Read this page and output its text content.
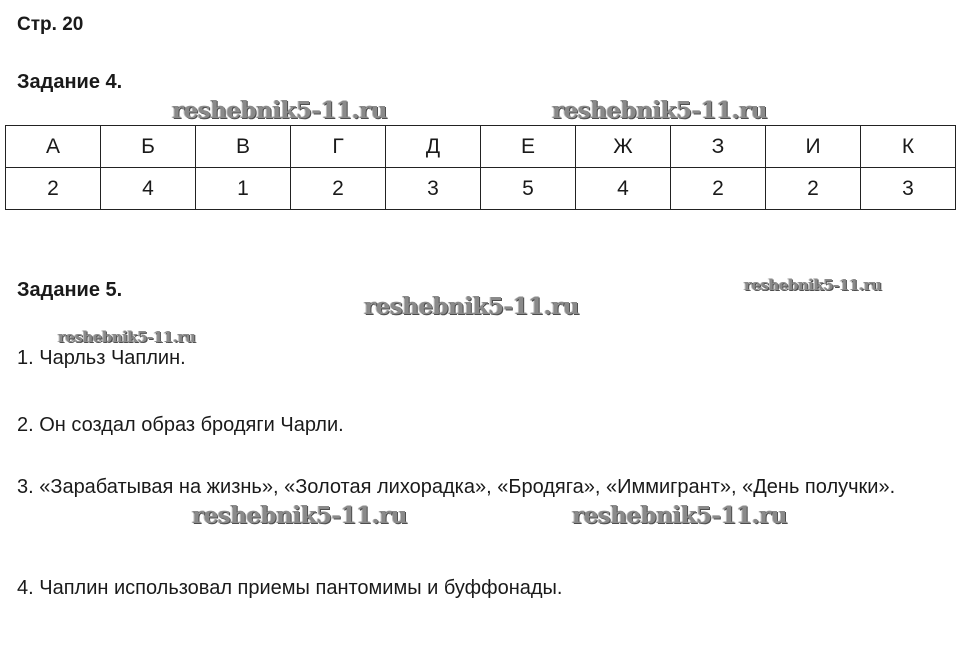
Стр. 20
Задание 4.
А	Б	В	Г	Д	Е	Ж	З	И	К
2	4	1	2	3	5	4	2	2	3
Задание 5.
1. Чарльз Чаплин.
2. Он создал образ бродяги Чарли.
3. «Зарабатывая на жизнь», «Золотая лихорадка», «Бродяга», «Иммигрант», «День получки».
4. Чаплин использовал приемы пантомимы и буффонады.
reshebnik5-11.ru	reshebnik5-11.ru
reshebnik5-11.ru
reshebnik5-11.ru
reshebnik5-11.ru
reshebnik5-11.ru	reshebnik5-11.ru
